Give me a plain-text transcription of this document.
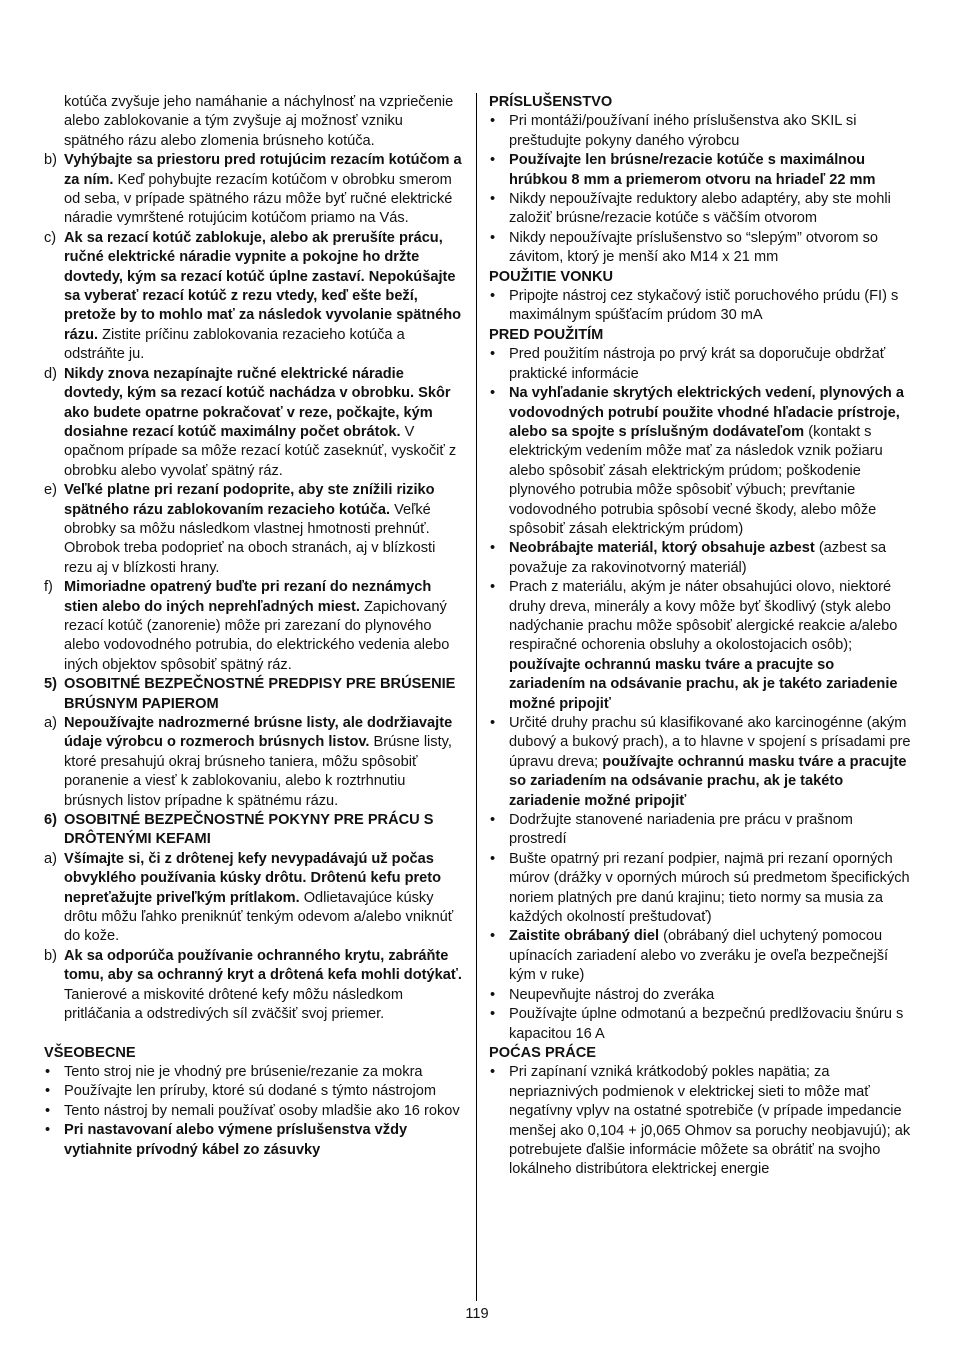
kotúča zvyšuje jeho namáhanie a náchylnosť na vzpriečenie alebo zablokovanie a tým zvyšuje aj možnosť vzniku spätného rázu alebo zlomenia brúsneho kotúča.
b) Vyhýbajte sa priestoru pred rotujúcim rezacím kotúčom a za ním. Keď pohybujte rezacím kotúčom v obrobku smerom od seba, v prípade spätného rázu môže byť ručné elektrické náradie vymrštené rotujúcim kotúčom priamo na Vás.
c) Ak sa rezací kotúč zablokuje, alebo ak prerušíte prácu, ručné elektrické náradie vypnite a pokojne ho držte dovtedy, kým sa rezací kotúč úplne zastaví. Nepokúšajte sa vyberať rezací kotúč z rezu vtedy, keď ešte beží, pretože by to mohlo mať za následok vyvolanie spätného rázu. Zistite príčinu zablokovania rezacieho kotúča a odstráňte ju.
d) Nikdy znova nezapínajte ručné elektrické náradie dovtedy, kým sa rezací kotúč nachádza v obrobku. Skôr ako budete opatrne pokračovať v reze, počkajte, kým dosiahne rezací kotúč maximálny počet obrátok. V opačnom prípade sa môže rezací kotúč zaseknúť, vyskočiť z obrobku alebo vyvolať spätný ráz.
e) Veľké platne pri rezaní podoprite, aby ste znížili riziko spätného rázu zablokovaním rezacieho kotúča. Veľké obrobky sa môžu následkom vlastnej hmotnosti prehnúť. Obrobok treba podoprieť na oboch stranách, aj v blízkosti rezu aj v blízkosti hrany.
f) Mimoriadne opatrený buďte pri rezaní do neznámych stien alebo do iných neprehľadných miest. Zapichovaný rezací kotúč (zanorenie) môže pri zarezaní do plynového alebo vodovodného potrubia, do elektrického vedenia alebo iných objektov spôsobiť spätný ráz.
5) OSOBITNÉ BEZPEČNOSTNÉ PREDPISY PRE BRÚSENIE BRÚSNYM PAPIEROM
a) Nepoužívajte nadrozmerné brúsne listy, ale dodržiavajte údaje výrobcu o rozmeroch brúsnych listov. Brúsne listy, ktoré presahujú okraj brúsneho taniera, môžu spôsobiť poranenie a viesť k zablokovaniu, alebo k roztrhnutiu brúsnych listov prípadne k spätnému rázu.
6) OSOBITNÉ BEZPEČNOSTNÉ POKYNY PRE PRÁCU S DRÔTENÝMI KEFAMI
a) Všímajte si, či z drôtenej kefy nevypadávajú už počas obvyklého používania kúsky drôtu. Drôtenú kefu preto nepreťažujte priveľkým prítlakom. Odlietavajúce kúsky drôtu môžu ľahko preniknúť tenkým odevom a/alebo vniknúť do kože.
b) Ak sa odporúča používanie ochranného krytu, zabráňte tomu, aby sa ochranný kryt a drôtená kefa mohli dotýkať. Tanierové a miskovité drôtené kefy môžu následkom pritláčania a odstredivých síl zväčšiť svoj priemer.
VŠEOBECNE
• Tento stroj nie je vhodný pre brúsenie/rezanie za mokra
• Používajte len príruby, ktoré sú dodané s týmto nástrojom
• Tento nástroj by nemali používať osoby mladšie ako 16 rokov
• Pri nastavovaní alebo výmene príslušenstva vždy vytiahnite prívodný kábel zo zásuvky
PRÍSLUŠENSTVO
• Pri montáži/používaní iného príslušenstva ako SKIL si preštudujte pokyny daného výrobcu
• Používajte len brúsne/rezacie kotúče s maximálnou hrúbkou 8 mm a priemerom otvoru na hriadeľ 22 mm
• Nikdy nepoužívajte reduktory alebo adaptéry, aby ste mohli založiť brúsne/rezacie kotúče s väčším otvorom
• Nikdy nepoužívajte príslušenstvo so “slepým” otvorom so závitom, ktorý je menší ako M14 x 21 mm
POUŽITIE VONKU
• Pripojte nástroj cez stykačový istič poruchového prúdu (FI) s maximálnym spúšťacím prúdom 30 mA
PRED POUŽITÍM
• Pred použitím nástroja po prvý krát sa doporučuje obdržať praktické informácie
• Na vyhľadanie skrytých elektrických vedení, plynových a vodovodných potrubí použite vhodné hľadacie prístroje, alebo sa spojte s príslušným dodávateľom (kontakt s elektrickým vedením môže mať za následok vznik požiaru alebo spôsobiť zásah elektrickým prúdom; poškodenie plynového potrubia môže spôsobiť výbuch; prevŕtanie vodovodného potrubia spôsobí vecné škody, alebo môže spôsobiť zásah elektrickým prúdom)
• Neobrábajte materiál, ktorý obsahuje azbest (azbest sa považuje za rakovinotvorný materiál)
• Prach z materiálu, akým je náter obsahujúci olovo, niektoré druhy dreva, minerály a kovy môže byť škodlivý (styk alebo nadýchanie prachu môže spôsobiť alergické reakcie a/alebo respiračné ochorenia obsluhy a okolostojacich osôb); používajte ochrannú masku tváre a pracujte so zariadením na odsávanie prachu, ak je takéto zariadenie možné pripojiť
• Určité druhy prachu sú klasifikované ako karcinogénne (akým dubový a bukový prach), a to hlavne v spojení s prísadami pre úpravu dreva; používajte ochrannú masku tváre a pracujte so zariadením na odsávanie prachu, ak je takéto zariadenie možné pripojiť
• Dodržujte stanovené nariadenia pre prácu v prašnom prostredí
• Bušte opatrný pri rezaní podpier, najmä pri rezaní oporných múrov (drážky v oporných múroch sú predmetom špecifických noriem platných pre danú krajinu; tieto normy sa musia za každých okolností preštudovať)
• Zaistite obrábaný diel (obrábaný diel uchytený pomocou upínacích zariadení alebo vo zveráku je oveľa bezpečnejší kým v ruke)
• Neupevňujte nástroj do zveráka
• Používajte úplne odmotanú a bezpečnú predlžovaciu šnúru s kapacitou 16 A
POĆAS PRÁCE
• Pri zapínaní vzniká krátkodobý pokles napätia; za nepriaznivých podmienok v elektrickej sieti to môže mať negatívny vplyv na ostatné spotrebiče (v prípade impedancie menšej ako 0,104 + j0,065 Ohmov sa poruchy neobjavujú); ak potrebujete ďalšie informácie môžete sa obrátiť na svojho lokálneho distribútora elektrickej energie
119
